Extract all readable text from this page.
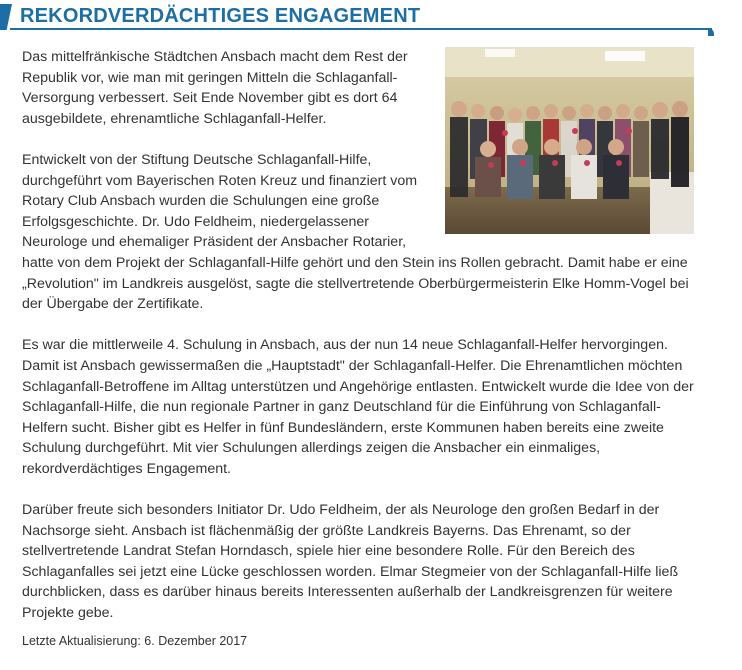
REKORDVERDÄCHTIGES ENGAGEMENT

Das mittelfränkische Städtchen Ansbach macht dem Rest der Republik vor, wie man mit geringen Mitteln die Schlaganfall-Versorgung verbessert. Seit Ende November gibt es dort 64 ausgebildete, ehrenamtliche Schlaganfall-Helfer.

Entwickelt von der Stiftung Deutsche Schlaganfall-Hilfe, durchgeführt vom Bayerischen Roten Kreuz und finanziert vom Rotary Club Ansbach wurden die Schulungen eine große Erfolgsgeschichte. Dr. Udo Feldheim, niedergelassener Neurologe und ehemaliger Präsident der Ansbacher Rotarier, hatte von dem Projekt der Schlaganfall-Hilfe gehört und den Stein ins Rollen gebracht. Damit habe er eine „Revolution" im Landkreis ausgelöst, sagte die stellvertretende Oberbürgermeisterin Elke Homm-Vogel bei der Übergabe der Zertifikate.

Es war die mittlerweile 4. Schulung in Ansbach, aus der nun 14 neue Schlaganfall-Helfer hervorgingen. Damit ist Ansbach gewissermaßen die „Hauptstadt" der Schlaganfall-Helfer. Die Ehrenamtlichen möchten Schlaganfall-Betroffene im Alltag unterstützen und Angehörige entlasten. Entwickelt wurde die Idee von der Schlaganfall-Hilfe, die nun regionale Partner in ganz Deutschland für die Einführung von Schlaganfall-Helfern sucht. Bisher gibt es Helfer in fünf Bundesländern, erste Kommunen haben bereits eine zweite Schulung durchgeführt. Mit vier Schulungen allerdings zeigen die Ansbacher ein einmaliges, rekordverdächtiges Engagement.

Darüber freute sich besonders Initiator Dr. Udo Feldheim, der als Neurologe den großen Bedarf in der Nachsorge sieht. Ansbach ist flächenmäßig der größte Landkreis Bayerns. Das Ehrenamt, so der stellvertretende Landrat Stefan Horndasch, spiele hier eine besondere Rolle. Für den Bereich des Schlaganfalles sei jetzt eine Lücke geschlossen worden. Elmar Stegmeier von der Schlaganfall-Hilfe ließ durchblicken, dass es darüber hinaus bereits Interessenten außerhalb der Landkreisgrenzen für weitere Projekte gebe.

Letzte Aktualisierung: 6. Dezember 2017
